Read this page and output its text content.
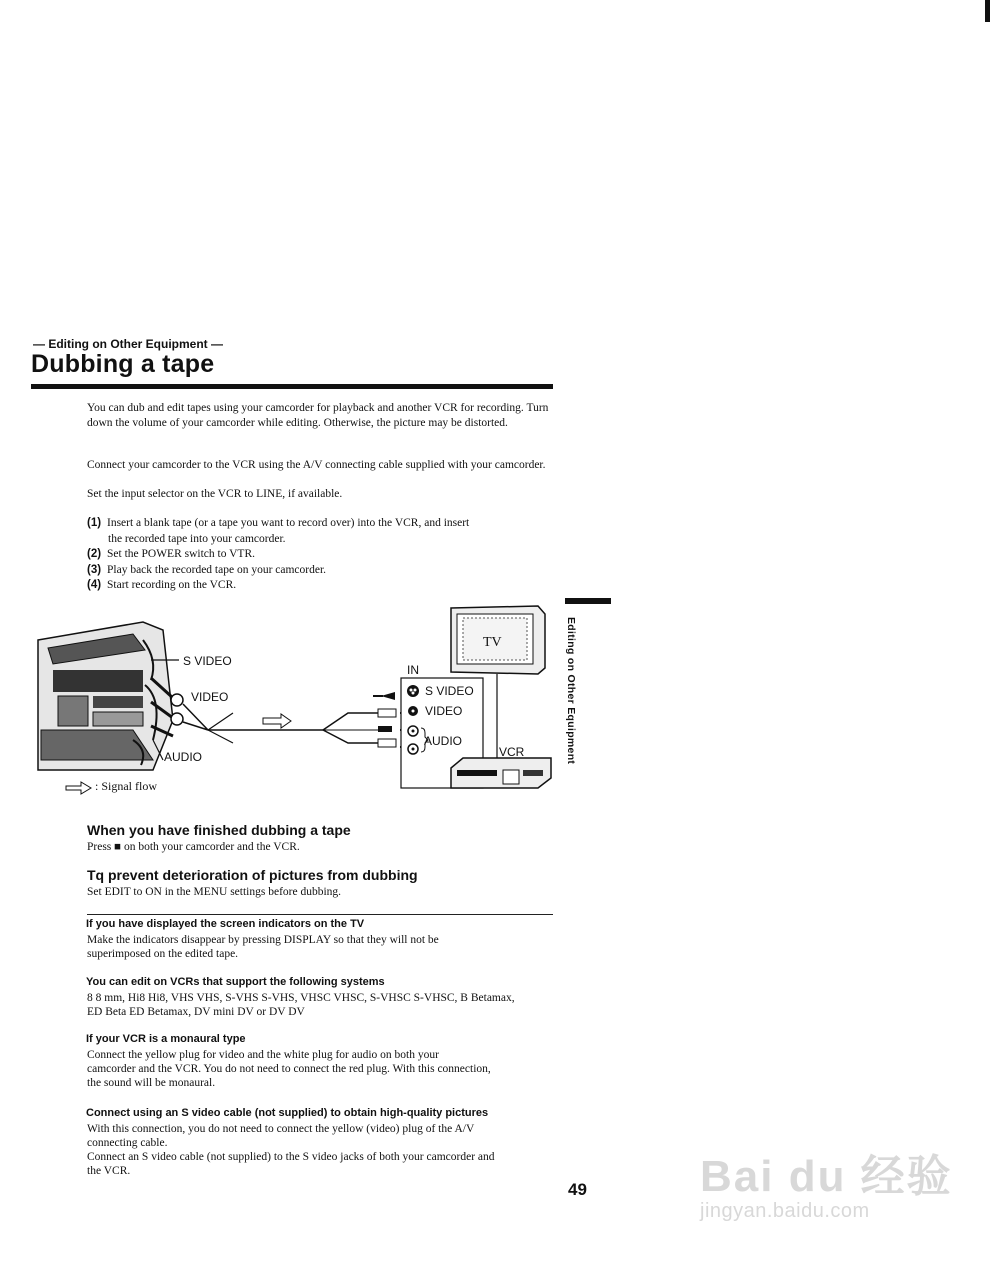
— Editing on Other Equipment —
Dubbing a tape
You can dub and edit tapes using your camcorder for playback and another VCR for recording. Turn down the volume of your camcorder while editing. Otherwise, the picture may be distorted.
Connect your camcorder to the VCR using the A/V connecting cable supplied with your camcorder.
Set the input selector on the VCR to LINE, if available.
(1) Insert a blank tape (or a tape you want to record over) into the VCR, and insert
the recorded tape into your camcorder.
(2) Set the POWER switch to VTR.
(3) Play back the recorded tape on your camcorder.
(4) Start recording on the VCR.
Editing on Other Equipment
S VIDEO
VIDEO
AUDIO
IN
S VIDEO
VIDEO
AUDIO
TV
VCR
: Signal flow
When you have finished dubbing a tape
Press ■ on both your camcorder and the VCR.
Tq prevent deterioration of pictures from dubbing
Set EDIT to ON in the MENU settings before dubbing.
If you have displayed the screen indicators on the TV
Make the indicators disappear by pressing DISPLAY so that they will not be
superimposed on the edited tape.
You can edit on VCRs that support the following systems
8 8 mm, Hi8 Hi8, VHS VHS, S-VHS S-VHS, VHSC VHSC, S-VHSC S-VHSC, B Betamax,
ED Beta ED Betamax, DV mini DV or DV DV
If your VCR is a monaural type
Connect the yellow plug for video and the white plug for audio on both your
camcorder and the VCR. You do not need to connect the red plug. With this connection,
the sound will be monaural.
Connect using an S video cable (not supplied) to obtain high-quality pictures
With this connection, you do not need to connect the yellow (video) plug of the A/V
connecting cable.
Connect an S video cable (not supplied) to the S video jacks of both your camcorder and
the VCR.
49	Bai du 经验
jingyan.baidu.com
